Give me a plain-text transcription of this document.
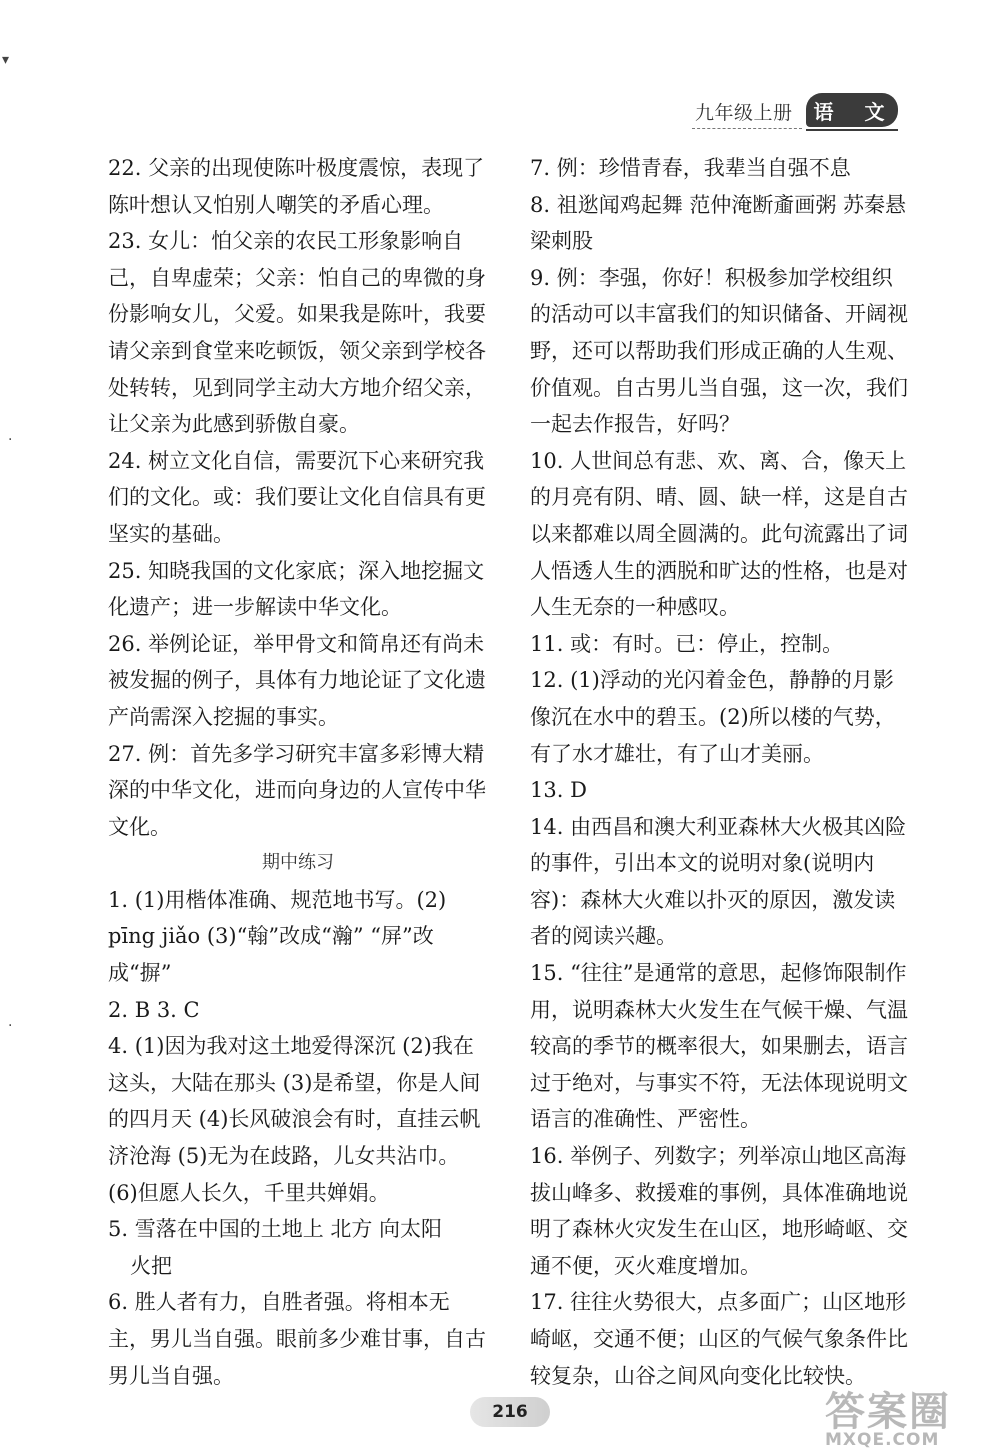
九年级上册	语 文
▾
·
·

22. 父亲的出现使陈叶极度震惊，表现了陈叶想认又怕别人嘲笑的矛盾心理。

23. 女儿：怕父亲的农民工形象影响自己，自卑虚荣；父亲：怕自己的卑微的身份影响女儿，父爱。如果我是陈叶，我要请父亲到食堂来吃顿饭，领父亲到学校各处转转，见到同学主动大方地介绍父亲，让父亲为此感到骄傲自豪。

24. 树立文化自信，需要沉下心来研究我们的文化。或：我们要让文化自信具有更坚实的基础。

25. 知晓我国的文化家底；深入地挖掘文化遗产；进一步解读中华文化。

26. 举例论证，举甲骨文和简帛还有尚未被发掘的例子，具体有力地论证了文化遗产尚需深入挖掘的事实。

27. 例：首先多学习研究丰富多彩博大精深的中华文化，进而向身边的人宣传中华文化。

期中练习

1. (1)用楷体准确、规范地书写。(2) pīng jiǎo (3)“翰”改成“瀚” “屏”改成“摒”

2. B 3. C

4. (1)因为我对这土地爱得深沉 (2)我在这头，大陆在那头 (3)是希望，你是人间的四月天 (4)长风破浪会有时，直挂云帆济沧海 (5)无为在歧路，儿女共沾巾。(6)但愿人长久，千里共婵娟。

5. 雪落在中国的土地上 北方 向太阳
火把

6. 胜人者有力，自胜者强。将相本无主，男儿当自强。眼前多少难甘事，自古男儿当自强。

7. 例：珍惜青春，我辈当自强不息

8. 祖逖闻鸡起舞 范仲淹断齑画粥 苏秦悬梁刺股

9. 例：李强，你好！积极参加学校组织的活动可以丰富我们的知识储备、开阔视野，还可以帮助我们形成正确的人生观、价值观。自古男儿当自强，这一次，我们一起去作报告，好吗？

10. 人世间总有悲、欢、离、合，像天上的月亮有阴、晴、圆、缺一样，这是自古以来都难以周全圆满的。此句流露出了词人悟透人生的洒脱和旷达的性格，也是对人生无奈的一种感叹。

11. 或：有时。已：停止，控制。

12. (1)浮动的光闪着金色，静静的月影像沉在水中的碧玉。(2)所以楼的气势，有了水才雄壮，有了山才美丽。

13. D

14. 由西昌和澳大利亚森林大火极其凶险的事件，引出本文的说明对象(说明内容)：森林大火难以扑灭的原因，激发读者的阅读兴趣。

15. “往往”是通常的意思，起修饰限制作用，说明森林大火发生在气候干燥、气温较高的季节的概率很大，如果删去，语言过于绝对，与事实不符，无法体现说明文语言的准确性、严密性。

16. 举例子、列数字；列举凉山地区高海拔山峰多、救援难的事例，具体准确地说明了森林火灾发生在山区，地形崎岖、交通不便，灭火难度增加。

17. 往往火势很大，点多面广；山区地形崎岖，交通不便；山区的气候气象条件比较复杂，山谷之间风向变化比较快。

216	答案圈
MXQE.COM
